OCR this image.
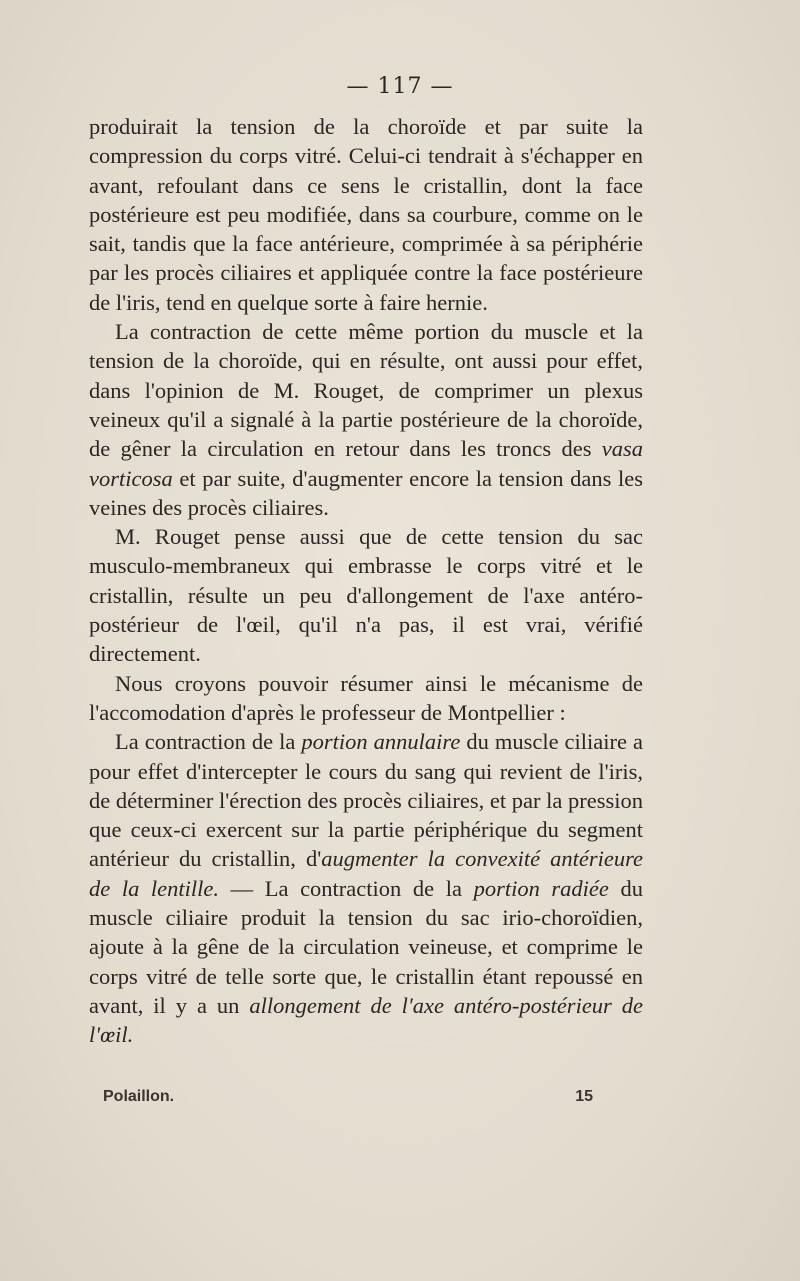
— 117 —

produirait la tension de la choroïde et par suite la compression du corps vitré. Celui-ci tendrait à s'échapper en avant, refoulant dans ce sens le cristallin, dont la face postérieure est peu modifiée, dans sa courbure, comme on le sait, tandis que la face antérieure, comprimée à sa périphérie par les procès ciliaires et appliquée contre la face postérieure de l'iris, tend en quelque sorte à faire hernie.

La contraction de cette même portion du muscle et la tension de la choroïde, qui en résulte, ont aussi pour effet, dans l'opinion de M. Rouget, de comprimer un plexus veineux qu'il a signalé à la partie postérieure de la choroïde, de gêner la circulation en retour dans les troncs des vasa vorticosa et par suite, d'augmenter encore la tension dans les veines des procès ciliaires.

M. Rouget pense aussi que de cette tension du sac musculo-membraneux qui embrasse le corps vitré et le cristallin, résulte un peu d'allongement de l'axe antéro-postérieur de l'œil, qu'il n'a pas, il est vrai, vérifié directement.

Nous croyons pouvoir résumer ainsi le mécanisme de l'accomodation d'après le professeur de Montpellier :

La contraction de la portion annulaire du muscle ciliaire a pour effet d'intercepter le cours du sang qui revient de l'iris, de déterminer l'érection des procès ciliaires, et par la pression que ceux-ci exercent sur la partie périphérique du segment antérieur du cristallin, d'augmenter la convexité antérieure de la lentille. — La contraction de la portion radiée du muscle ciliaire produit la tension du sac irio-choroïdien, ajoute à la gêne de la circulation veineuse, et comprime le corps vitré de telle sorte que, le cristallin étant repoussé en avant, il y a un allongement de l'axe antéro-postérieur de l'œil.

Polaillon.	15
